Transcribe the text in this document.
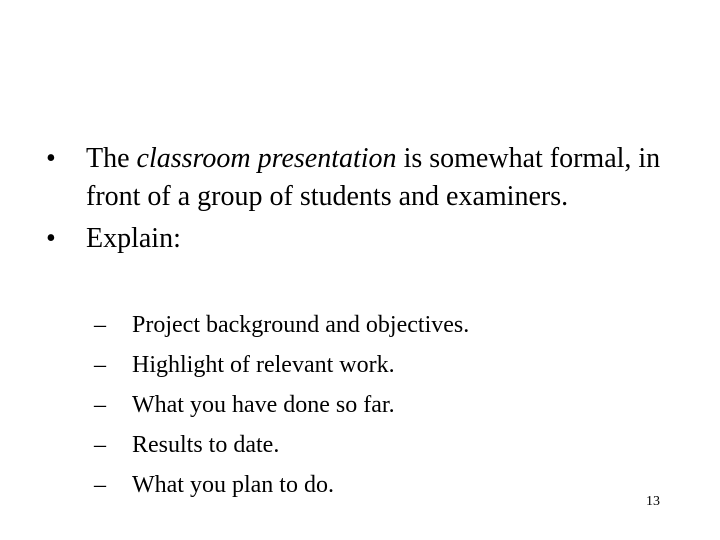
•	The classroom presentation is somewhat formal, in front of a group of students and examiners.
•	Explain:
–	Project background and objectives.
–	Highlight of relevant work.
–	What you have done so far.
–	Results to date.
–	What you plan to do.
13
